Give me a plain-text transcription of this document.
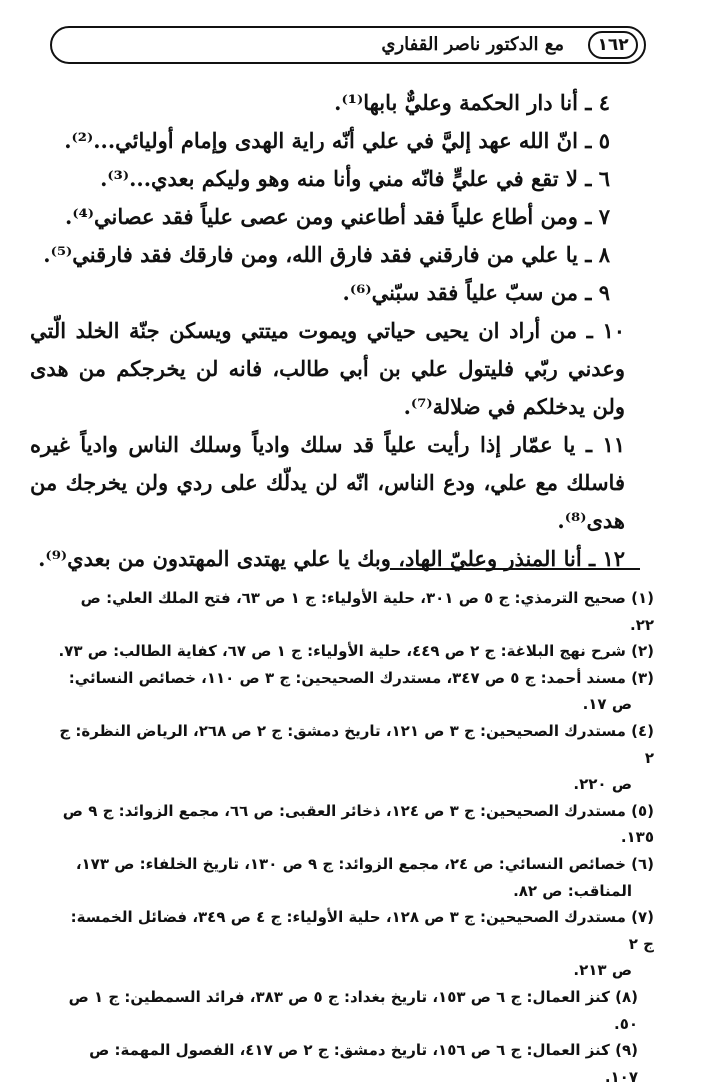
١٦٢
مع الدكتور ناصر القفاري

٤ ـ أنا دار الحكمة وعليٌّ بابها⁽¹⁾.

٥ ـ انّ الله عهد إليَّ في علي أنّه راية الهدى وإمام أوليائي...⁽²⁾.

٦ ـ لا تقع في عليٍّ فانّه مني وأنا منه وهو وليكم بعدي...⁽³⁾.

٧ ـ ومن أطاع علياً فقد أطاعني ومن عصى علياً فقد عصاني⁽⁴⁾.

٨ ـ يا علي من فارقني فقد فارق الله، ومن فارقك فقد فارقني⁽⁵⁾.

٩ ـ من سبّ علياً فقد سبّني⁽⁶⁾.

١٠ ـ من أراد ان يحيى حياتي ويموت ميتتي ويسكن جنّة الخلد الّتي وعدني ربّي فليتول علي بن أبي طالب، فانه لن يخرجكم من هدى ولن يدخلكم في ضلالة⁽⁷⁾.

١١ ـ يا عمّار إذا رأيت علياً قد سلك وادياً وسلك الناس وادياً غيره فاسلك مع علي، ودع الناس، انّه لن يدلّك على ردي ولن يخرجك من هدى⁽⁸⁾.

١٢ ـ أنا المنذر وعليّ الهاد، وبك يا علي يهتدى المهتدون من بعدي⁽⁹⁾.

(١) صحيح الترمذي: ج ٥ ص ٣٠١، حلية الأولياء: ج ١ ص ٦٣، فتح الملك العلي: ص ٢٢.

(٢) شرح نهج البلاغة: ج ٢ ص ٤٤٩، حلية الأولياء: ج ١ ص ٦٧، كفاية الطالب: ص ٧٣.

(٣) مسند أحمد: ج ٥ ص ٣٤٧، مستدرك الصحيحين: ج ٣ ص ١١٠، خصائص النسائي:

ص ١٧.

(٤) مستدرك الصحيحين: ج ٣ ص ١٢١، تاريخ دمشق: ج ٢ ص ٢٦٨، الرياض النظرة: ج ٢

ص ٢٢٠.

(٥) مستدرك الصحيحين: ج ٣ ص ١٢٤، ذخائر العقبى: ص ٦٦، مجمع الزوائد: ج ٩ ص ١٣٥.

(٦) خصائص النسائي: ص ٢٤، مجمع الزوائد: ج ٩ ص ١٣٠، تاريخ الخلفاء: ص ١٧٣،

المناقب: ص ٨٢.

(٧) مستدرك الصحيحين: ج ٣ ص ١٢٨، حلية الأولياء: ج ٤ ص ٣٤٩، فضائل الخمسة: ج ٢

ص ٢١٣.

(٨) كنز العمال: ج ٦ ص ١٥٣، تاريخ بغداد: ج ٥ ص ٣٨٣، فرائد السمطين: ج ١ ص ٥٠.

(٩) كنز العمال: ج ٦ ص ١٥٦، تاريخ دمشق: ج ٢ ص ٤١٧، الفصول المهمة: ص ١٠٧.
